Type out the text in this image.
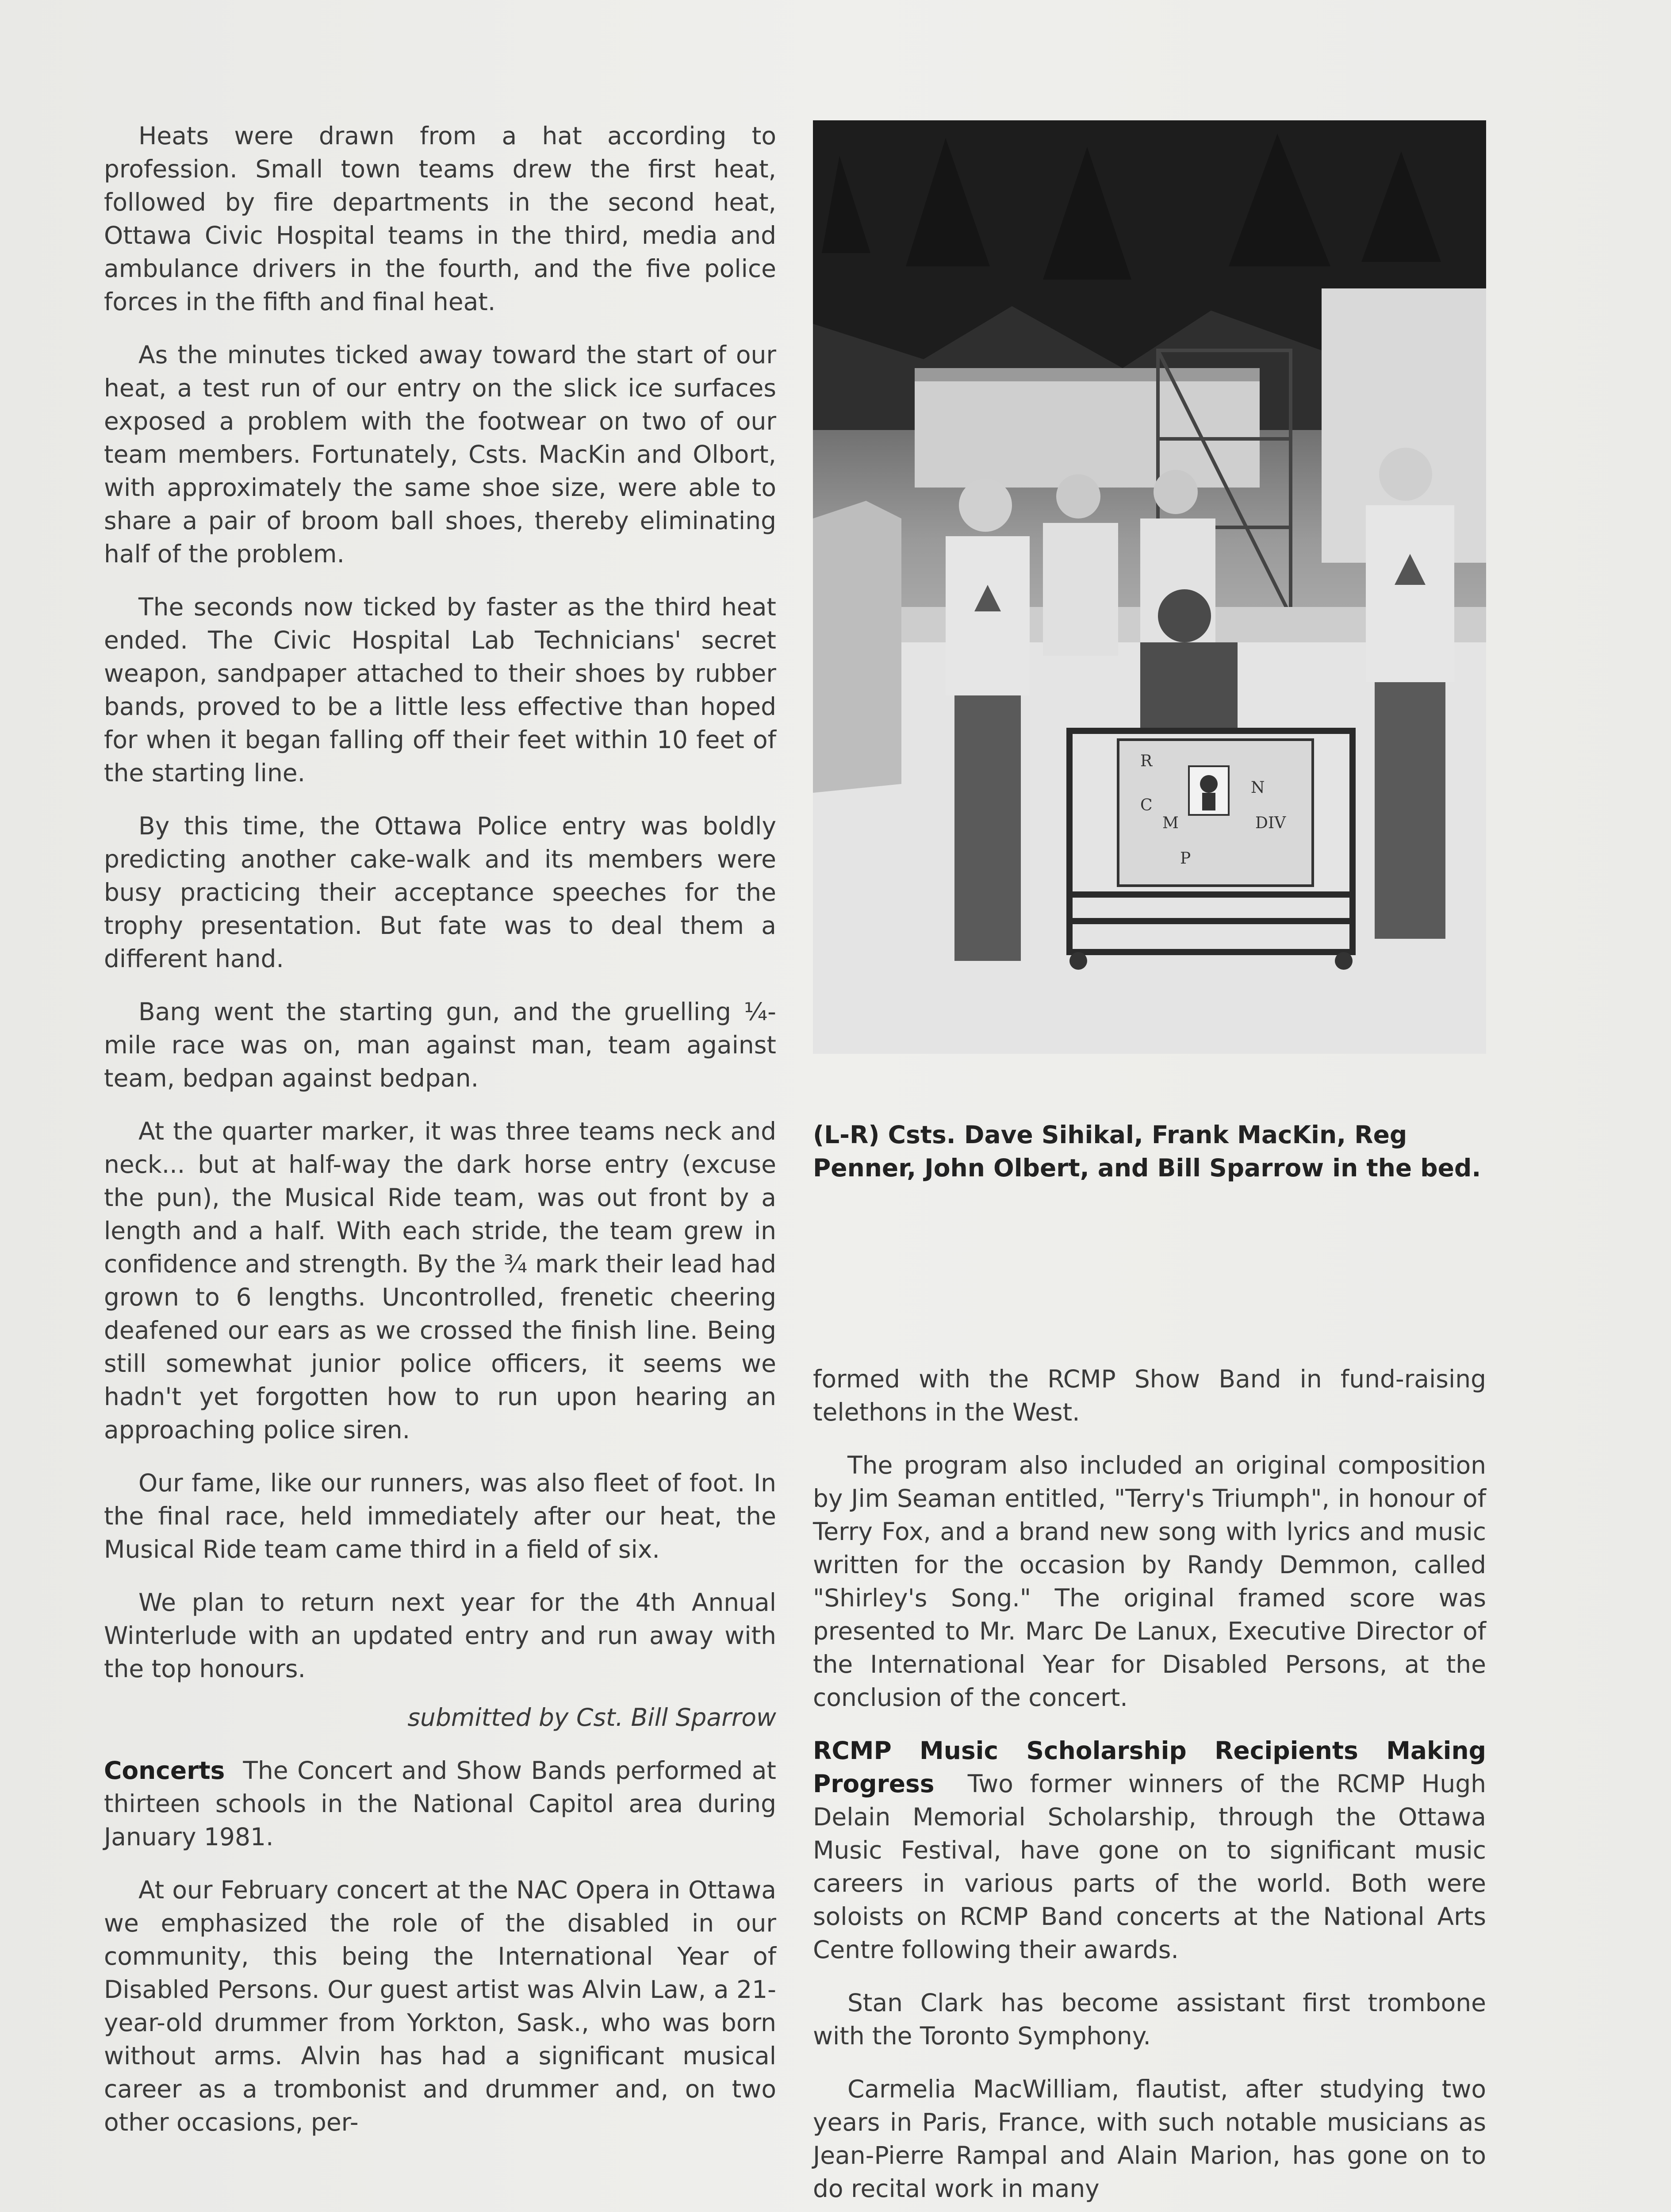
Heats were drawn from a hat according to profession. Small town teams drew the first heat, followed by fire departments in the second heat, Ottawa Civic Hospital teams in the third, media and ambulance drivers in the fourth, and the five police forces in the fifth and final heat.

As the minutes ticked away toward the start of our heat, a test run of our entry on the slick ice surfaces exposed a problem with the footwear on two of our team members. Fortunately, Csts. MacKin and Olbort, with approximately the same shoe size, were able to share a pair of broom ball shoes, thereby eliminating half of the problem.

The seconds now ticked by faster as the third heat ended. The Civic Hospital Lab Technicians' secret weapon, sandpaper attached to their shoes by rubber bands, proved to be a little less effective than hoped for when it began falling off their feet within 10 feet of the starting line.

By this time, the Ottawa Police entry was boldly predicting another cake-walk and its members were busy practicing their acceptance speeches for the trophy presentation. But fate was to deal them a different hand.

Bang went the starting gun, and the gruelling ¼-mile race was on, man against man, team against team, bedpan against bedpan.

At the quarter marker, it was three teams neck and neck... but at half-way the dark horse entry (excuse the pun), the Musical Ride team, was out front by a length and a half. With each stride, the team grew in confidence and strength. By the ¾ mark their lead had grown to 6 lengths. Uncontrolled, frenetic cheering deafened our ears as we crossed the finish line. Being still somewhat junior police officers, it seems we hadn't yet forgotten how to run upon hearing an approaching police siren.

Our fame, like our runners, was also fleet of foot. In the final race, held immediately after our heat, the Musical Ride team came third in a field of six.

We plan to return next year for the 4th Annual Winterlude with an updated entry and run away with the top honours.

submitted by Cst. Bill Sparrow

Concerts The Concert and Show Bands performed at thirteen schools in the National Capitol area during January 1981.

At our February concert at the NAC Opera in Ottawa we emphasized the role of the disabled in our community, this being the International Year of Disabled Persons. Our guest artist was Alvin Law, a 21-year-old drummer from Yorkton, Sask., who was born without arms. Alvin has had a significant musical career as a trombonist and drummer and, on two other occasions, per-

R
C
M
P
N
DIV
(L-R) Csts. Dave Sihikal, Frank MacKin, Reg Penner, John Olbert, and Bill Sparrow in the bed.

formed with the RCMP Show Band in fund-raising telethons in the West.

The program also included an original composition by Jim Seaman entitled, "Terry's Triumph", in honour of Terry Fox, and a brand new song with lyrics and music written for the occasion by Randy Demmon, called "Shirley's Song." The original framed score was presented to Mr. Marc De Lanux, Executive Director of the International Year for Disabled Persons, at the conclusion of the concert.

RCMP Music Scholarship Recipients Making Progress Two former winners of the RCMP Hugh Delain Memorial Scholarship, through the Ottawa Music Festival, have gone on to significant music careers in various parts of the world. Both were soloists on RCMP Band concerts at the National Arts Centre following their awards.

Stan Clark has become assistant first trombone with the Toronto Symphony.

Carmelia MacWilliam, flautist, after studying two years in Paris, France, with such notable musicians as Jean-Pierre Rampal and Alain Marion, has gone on to do recital work in many
